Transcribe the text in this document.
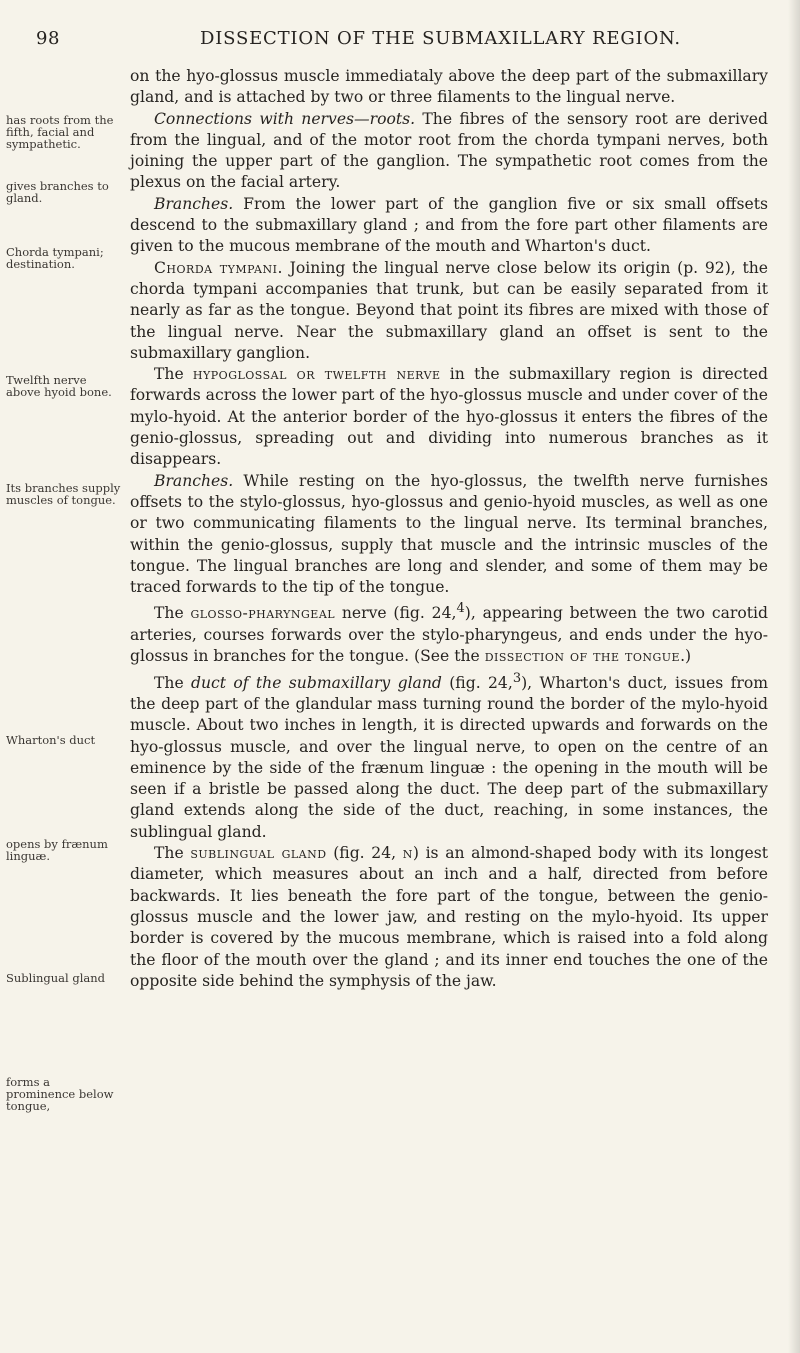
98	DISSECTION OF THE SUBMAXILLARY REGION.
has roots from the fifth, facial and sympathetic.
gives branches to gland.
Chorda tympani; destination.
Twelfth nerve above hyoid bone.
Its branches supply muscles of tongue.
Wharton's duct
opens by frænum linguæ.
Sublingual gland
forms a prominence below tongue,

on the hyo-glossus muscle immediataly above the deep part of the submaxillary gland, and is attached by two or three filaments to the lingual nerve.

Connections with nerves—roots. The fibres of the sensory root are derived from the lingual, and of the motor root from the chorda tympani nerves, both joining the upper part of the ganglion. The sympathetic root comes from the plexus on the facial artery.

Branches. From the lower part of the ganglion five or six small offsets descend to the submaxillary gland ; and from the fore part other filaments are given to the mucous membrane of the mouth and Wharton's duct.

Chorda tympani. Joining the lingual nerve close below its origin (p. 92), the chorda tympani accompanies that trunk, but can be easily separated from it nearly as far as the tongue. Beyond that point its fibres are mixed with those of the lingual nerve. Near the submaxillary gland an offset is sent to the submaxillary ganglion.

The hypoglossal or twelfth nerve in the submaxillary region is directed forwards across the lower part of the hyo-glossus muscle and under cover of the mylo-hyoid. At the anterior border of the hyo-glossus it enters the fibres of the genio-glossus, spreading out and dividing into numerous branches as it disappears.

Branches. While resting on the hyo-glossus, the twelfth nerve furnishes offsets to the stylo-glossus, hyo-glossus and genio-hyoid muscles, as well as one or two communicating filaments to the lingual nerve. Its terminal branches, within the genio-glossus, supply that muscle and the intrinsic muscles of the tongue. The lingual branches are long and slender, and some of them may be traced forwards to the tip of the tongue.

The glosso-pharyngeal nerve (fig. 24,$^4$), appearing between the two carotid arteries, courses forwards over the stylo-pharyngeus, and ends under the hyo-glossus in branches for the tongue. (See the dissection of the tongue.)

The duct of the submaxillary gland (fig. 24,$^3$), Wharton's duct, issues from the deep part of the glandular mass turning round the border of the mylo-hyoid muscle. About two inches in length, it is directed upwards and forwards on the hyo-glossus muscle, and over the lingual nerve, to open on the centre of an eminence by the side of the frænum linguæ : the opening in the mouth will be seen if a bristle be passed along the duct. The deep part of the submaxillary gland extends along the side of the duct, reaching, in some instances, the sublingual gland.

The sublingual gland (fig. 24, n) is an almond-shaped body with its longest diameter, which measures about an inch and a half, directed from before backwards. It lies beneath the fore part of the tongue, between the genio-glossus muscle and the lower jaw, and resting on the mylo-hyoid. Its upper border is covered by the mucous membrane, which is raised into a fold along the floor of the mouth over the gland ; and its inner end touches the one of the opposite side behind the symphysis of the jaw.
